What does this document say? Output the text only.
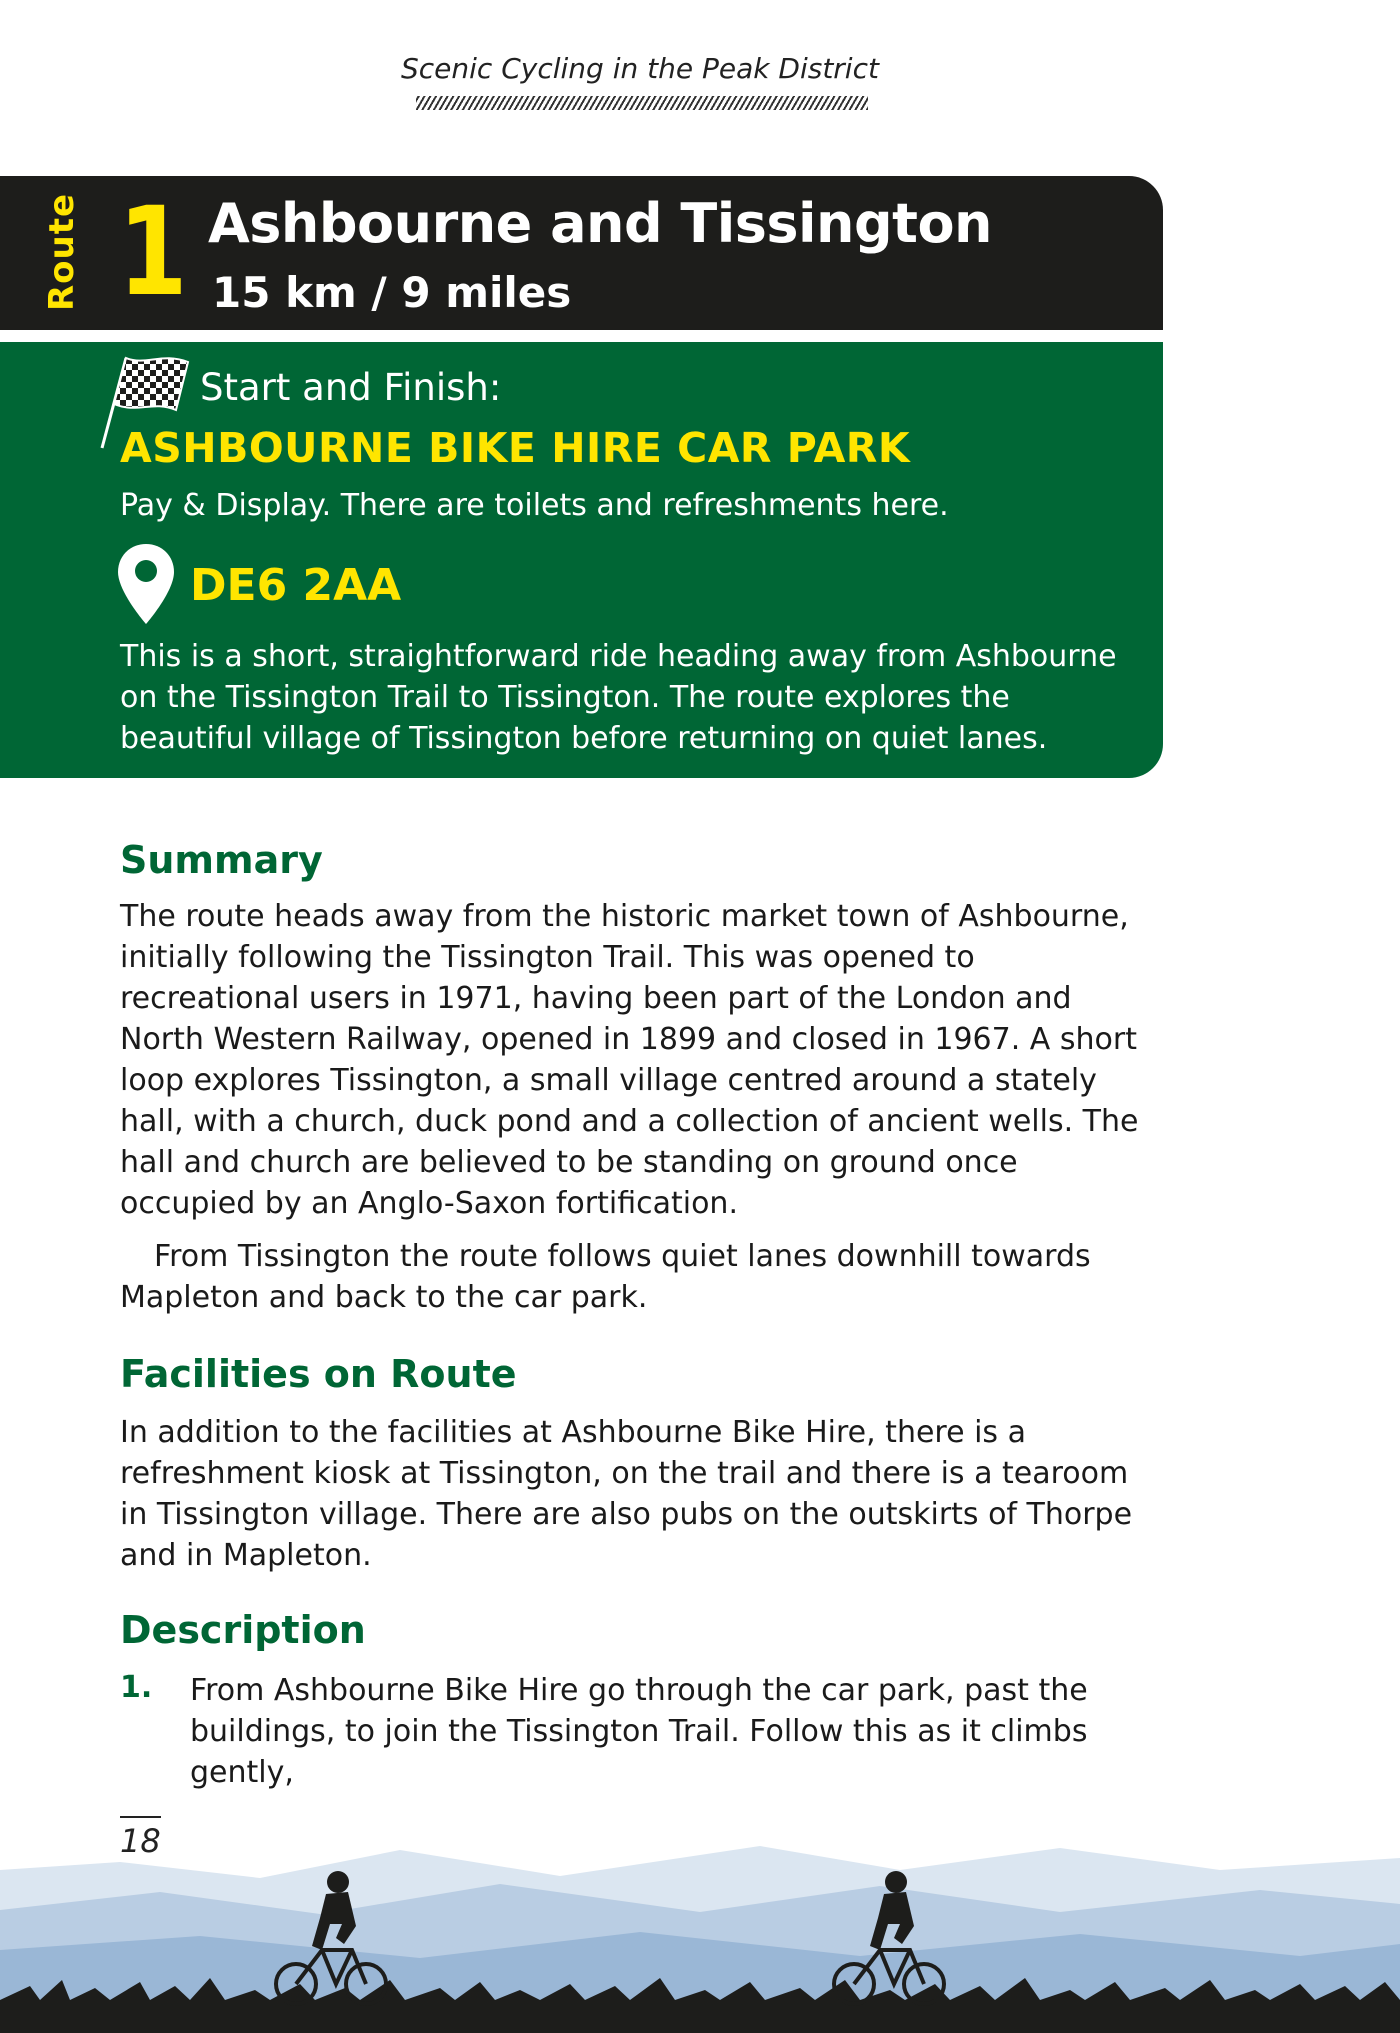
Scenic Cycling in the Peak District
Route 1 Ashbourne and Tissington
15 km / 9 miles
Start and Finish:
ASHBOURNE BIKE HIRE CAR PARK
Pay & Display. There are toilets and refreshments here.
DE6 2AA
This is a short, straightforward ride heading away from Ashbourne on the Tissington Trail to Tissington. The route explores the beautiful village of Tissington before returning on quiet lanes.
Summary

The route heads away from the historic market town of Ashbourne, initially following the Tissington Trail. This was opened to recreational users in 1971, having been part of the London and North Western Railway, opened in 1899 and closed in 1967. A short loop explores Tissington, a small village centred around a stately hall, with a church, duck pond and a collection of ancient wells. The hall and church are believed to be standing on ground once occupied by an Anglo-Saxon fortification.

From Tissington the route follows quiet lanes downhill towards Mapleton and back to the car park.

Facilities on Route
In addition to the facilities at Ashbourne Bike Hire, there is a refreshment kiosk at Tissington, on the trail and there is a tearoom in Tissington village. There are also pubs on the outskirts of Thorpe and in Mapleton.
Description
1. From Ashbourne Bike Hire go through the car park, past the buildings, to join the Tissington Trail. Follow this as it climbs gently,
18
